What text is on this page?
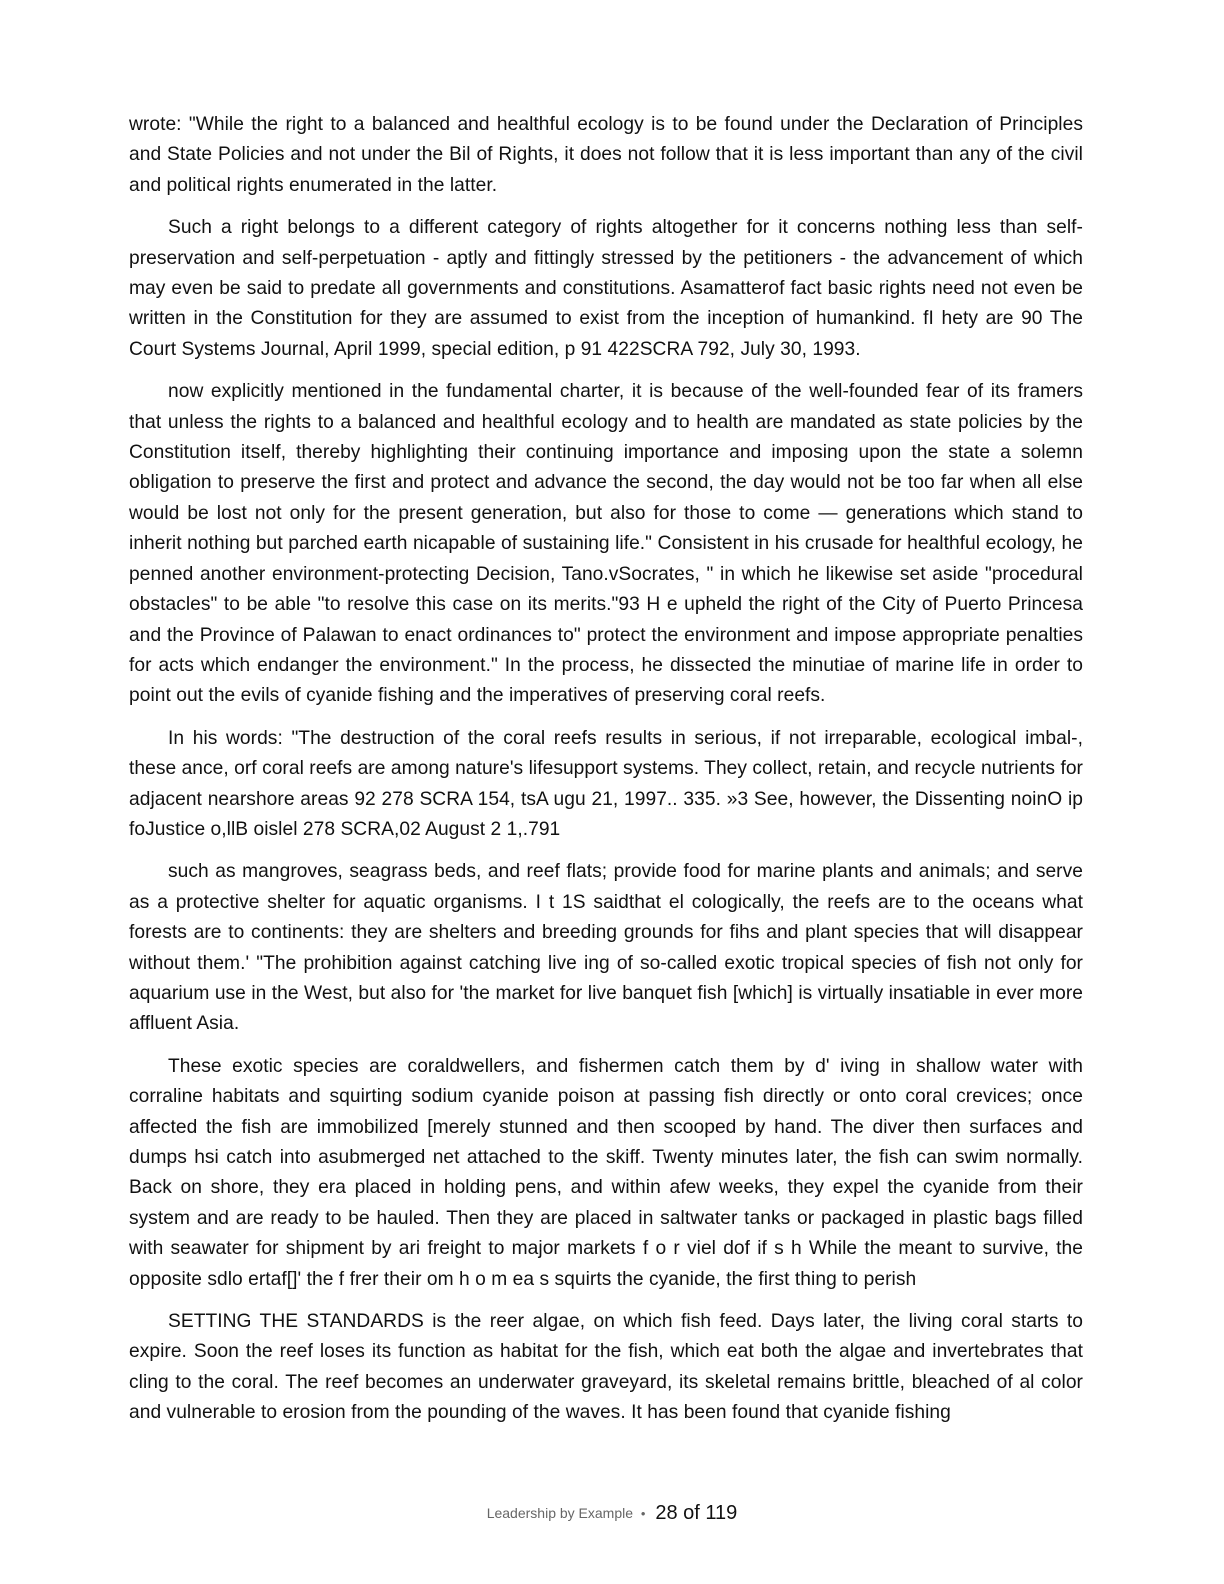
wrote: "While the right to a balanced and healthful ecology is to be found under the Declaration of Principles and State Policies and not under the Bil of Rights, it does not follow that it is less important than any of the civil and political rights enumerated in the latter.

Such a right belongs to a different category of rights altogether for it concerns nothing less than self-preservation and self-perpetuation - aptly and fittingly stressed by the petitioners - the advancement of which may even be said to predate all governments and constitutions. Asamatterof fact basic rights need not even be written in the Constitution for they are assumed to exist from the inception of humankind. fI hety are 90 The Court Systems Journal, April 1999, special edition, p 91 422SCRA 792, July 30, 1993.

now explicitly mentioned in the fundamental charter, it is because of the well-founded fear of its framers that unless the rights to a balanced and healthful ecology and to health are mandated as state policies by the Constitution itself, thereby highlighting their continuing importance and imposing upon the state a solemn obligation to preserve the first and protect and advance the second, the day would not be too far when all else would be lost not only for the present generation, but also for those to come — generations which stand to inherit nothing but parched earth nicapable of sustaining life." Consistent in his crusade for healthful ecology, he penned another environment-protecting Decision, Tano.vSocrates, " in which he likewise set aside "procedural obstacles" to be able "to resolve this case on its merits."93 H e upheld the right of the City of Puerto Princesa and the Province of Palawan to enact ordinances to" protect the environment and impose appropriate penalties for acts which endanger the environment." In the process, he dissected the minutiae of marine life in order to point out the evils of cyanide fishing and the imperatives of preserving coral reefs.

In his words: "The destruction of the coral reefs results in serious, if not irreparable, ecological imbal-, these ance, orf coral reefs are among nature's lifesupport systems. They collect, retain, and recycle nutrients for adjacent nearshore areas 92 278 SCRA 154, tsA ugu 21, 1997.. 335. »3 See, however, the Dissenting noinO ip foJustice o,llB oislel 278 SCRA,02 August 2 1,.791

such as mangroves, seagrass beds, and reef flats; provide food for marine plants and animals; and serve as a protective shelter for aquatic organisms. I t 1S saidthat el cologically, the reefs are to the oceans what forests are to continents: they are shelters and breeding grounds for fihs and plant species that will disappear without them.' "The prohibition against catching live ing of so-called exotic tropical species of fish not only for aquarium use in the West, but also for 'the market for live banquet fish [which] is virtually insatiable in ever more affluent Asia.

These exotic species are coraldwellers, and fishermen catch them by d' iving in shallow water with corraline habitats and squirting sodium cyanide poison at passing fish directly or onto coral crevices; once affected the fish are immobilized [merely stunned and then scooped by hand. The diver then surfaces and dumps hsi catch into asubmerged net attached to the skiff. Twenty minutes later, the fish can swim normally. Back on shore, they era placed in holding pens, and within afew weeks, they expel the cyanide from their system and are ready to be hauled. Then they are placed in saltwater tanks or packaged in plastic bags filled with seawater for shipment by ari freight to major markets f o r viel dof if s h While the meant to survive, the opposite sdlo ertaf[]' the f frer their om h o m ea s squirts the cyanide, the first thing to perish

SETTING THE STANDARDS is the reer algae, on which fish feed. Days later, the living coral starts to expire. Soon the reef loses its function as habitat for the fish, which eat both the algae and invertebrates that cling to the coral. The reef becomes an underwater graveyard, its skeletal remains brittle, bleached of al color and vulnerable to erosion from the pounding of the waves. It has been found that cyanide fishing

Leadership by Example • 28 of 119
